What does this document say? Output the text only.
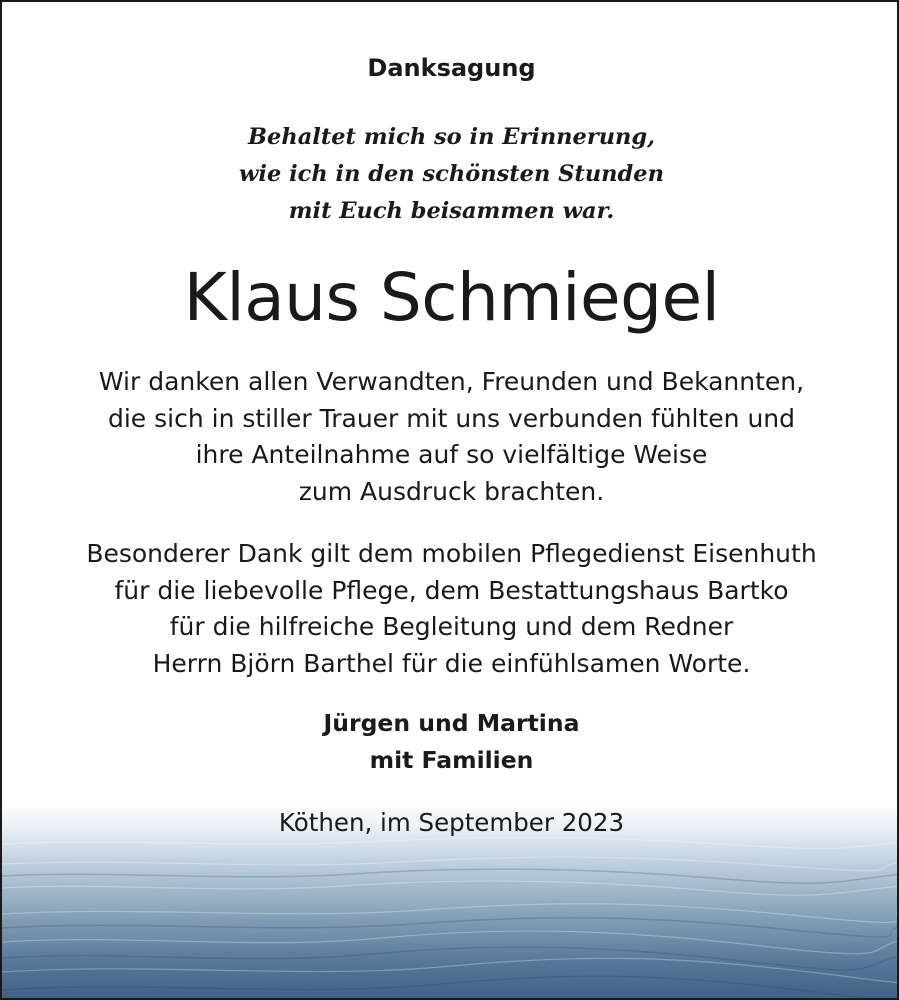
Danksagung
Behaltet mich so in Erinnerung,
wie ich in den schönsten Stunden
mit Euch beisammen war.
Klaus Schmiegel
Wir danken allen Verwandten, Freunden und Bekannten,
die sich in stiller Trauer mit uns verbunden fühlten und
ihre Anteilnahme auf so vielfältige Weise
zum Ausdruck brachten.
Besonderer Dank gilt dem mobilen Pflegedienst Eisenhuth
für die liebevolle Pflege, dem Bestattungshaus Bartko
für die hilfreiche Begleitung und dem Redner
Herrn Björn Barthel für die einfühlsamen Worte.
Jürgen und Martina
mit Familien
Köthen, im September 2023
